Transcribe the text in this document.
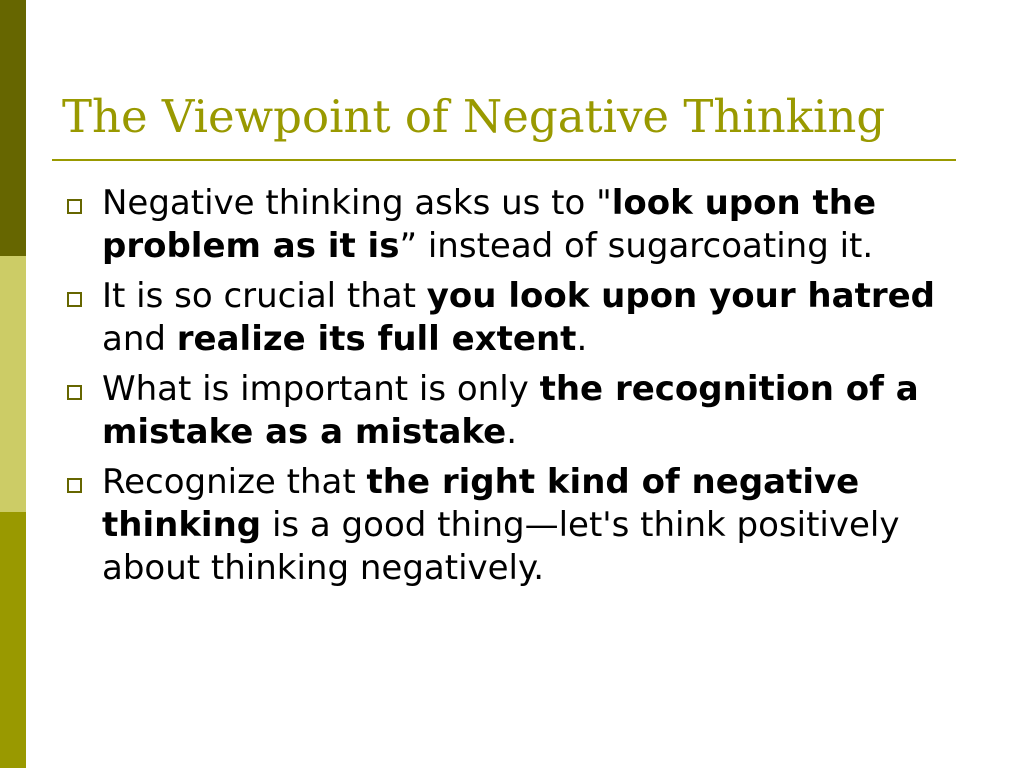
The Viewpoint of Negative Thinking
Negative thinking asks us to "look upon the problem as it is” instead of sugarcoating it.
It is so crucial that you look upon your hatred and realize its full extent.
What is important is only the recognition of a mistake as a mistake.
Recognize that the right kind of negative thinking is a good thing—let's think positively about thinking negatively.
